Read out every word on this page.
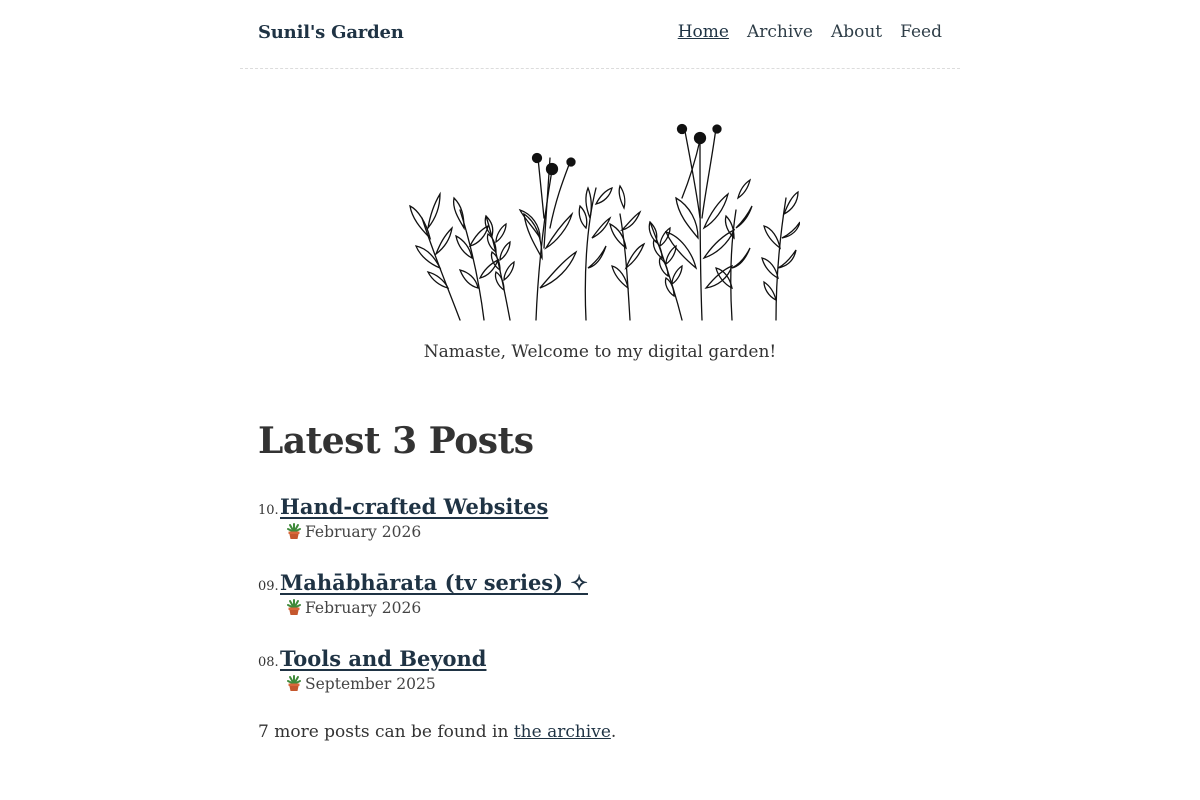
Sunil's Garden	Home Archive About Feed

Namaste, Welcome to my digital garden!

Latest 3 Posts
10.Hand-crafted Websites
February 2026
09.Mahābhārata (tv series) ✧
February 2026
08.Tools and Beyond
September 2025

7 more posts can be found in the archive.
